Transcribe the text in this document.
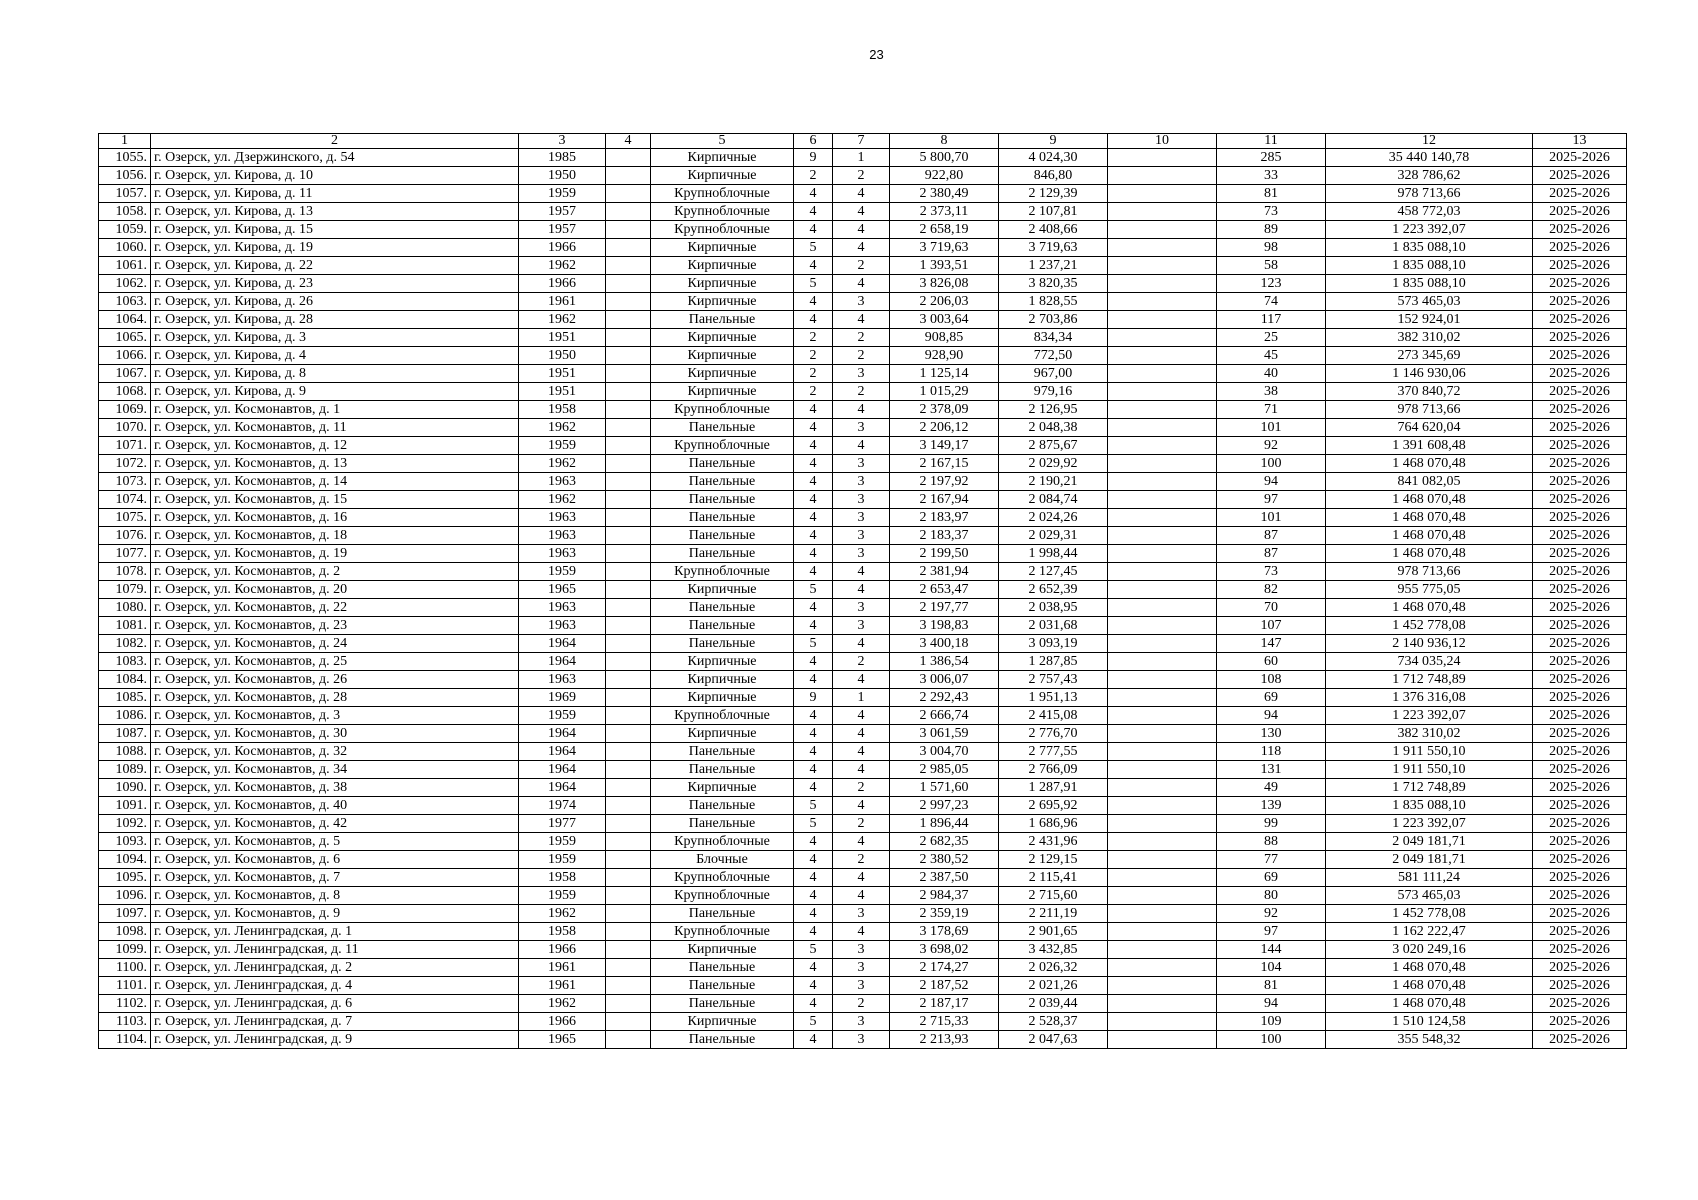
23
1	2	3	4	5	6	7	8	9	10	11	12	13
1055.	г. Озерск, ул. Дзержинского, д. 54	1985		Кирпичные	9	1	5 800,70	4 024,30		285	35 440 140,78	2025-2026
1056.	г. Озерск, ул. Кирова, д. 10	1950		Кирпичные	2	2	922,80	846,80		33	328 786,62	2025-2026
1057.	г. Озерск, ул. Кирова, д. 11	1959		Крупноблочные	4	4	2 380,49	2 129,39		81	978 713,66	2025-2026
1058.	г. Озерск, ул. Кирова, д. 13	1957		Крупноблочные	4	4	2 373,11	2 107,81		73	458 772,03	2025-2026
1059.	г. Озерск, ул. Кирова, д. 15	1957		Крупноблочные	4	4	2 658,19	2 408,66		89	1 223 392,07	2025-2026
1060.	г. Озерск, ул. Кирова, д. 19	1966		Кирпичные	5	4	3 719,63	3 719,63		98	1 835 088,10	2025-2026
1061.	г. Озерск, ул. Кирова, д. 22	1962		Кирпичные	4	2	1 393,51	1 237,21		58	1 835 088,10	2025-2026
1062.	г. Озерск, ул. Кирова, д. 23	1966		Кирпичные	5	4	3 826,08	3 820,35		123	1 835 088,10	2025-2026
1063.	г. Озерск, ул. Кирова, д. 26	1961		Кирпичные	4	3	2 206,03	1 828,55		74	573 465,03	2025-2026
1064.	г. Озерск, ул. Кирова, д. 28	1962		Панельные	4	4	3 003,64	2 703,86		117	152 924,01	2025-2026
1065.	г. Озерск, ул. Кирова, д. 3	1951		Кирпичные	2	2	908,85	834,34		25	382 310,02	2025-2026
1066.	г. Озерск, ул. Кирова, д. 4	1950		Кирпичные	2	2	928,90	772,50		45	273 345,69	2025-2026
1067.	г. Озерск, ул. Кирова, д. 8	1951		Кирпичные	2	3	1 125,14	967,00		40	1 146 930,06	2025-2026
1068.	г. Озерск, ул. Кирова, д. 9	1951		Кирпичные	2	2	1 015,29	979,16		38	370 840,72	2025-2026
1069.	г. Озерск, ул. Космонавтов, д. 1	1958		Крупноблочные	4	4	2 378,09	2 126,95		71	978 713,66	2025-2026
1070.	г. Озерск, ул. Космонавтов, д. 11	1962		Панельные	4	3	2 206,12	2 048,38		101	764 620,04	2025-2026
1071.	г. Озерск, ул. Космонавтов, д. 12	1959		Крупноблочные	4	4	3 149,17	2 875,67		92	1 391 608,48	2025-2026
1072.	г. Озерск, ул. Космонавтов, д. 13	1962		Панельные	4	3	2 167,15	2 029,92		100	1 468 070,48	2025-2026
1073.	г. Озерск, ул. Космонавтов, д. 14	1963		Панельные	4	3	2 197,92	2 190,21		94	841 082,05	2025-2026
1074.	г. Озерск, ул. Космонавтов, д. 15	1962		Панельные	4	3	2 167,94	2 084,74		97	1 468 070,48	2025-2026
1075.	г. Озерск, ул. Космонавтов, д. 16	1963		Панельные	4	3	2 183,97	2 024,26		101	1 468 070,48	2025-2026
1076.	г. Озерск, ул. Космонавтов, д. 18	1963		Панельные	4	3	2 183,37	2 029,31		87	1 468 070,48	2025-2026
1077.	г. Озерск, ул. Космонавтов, д. 19	1963		Панельные	4	3	2 199,50	1 998,44		87	1 468 070,48	2025-2026
1078.	г. Озерск, ул. Космонавтов, д. 2	1959		Крупноблочные	4	4	2 381,94	2 127,45		73	978 713,66	2025-2026
1079.	г. Озерск, ул. Космонавтов, д. 20	1965		Кирпичные	5	4	2 653,47	2 652,39		82	955 775,05	2025-2026
1080.	г. Озерск, ул. Космонавтов, д. 22	1963		Панельные	4	3	2 197,77	2 038,95		70	1 468 070,48	2025-2026
1081.	г. Озерск, ул. Космонавтов, д. 23	1963		Панельные	4	3	3 198,83	2 031,68		107	1 452 778,08	2025-2026
1082.	г. Озерск, ул. Космонавтов, д. 24	1964		Панельные	5	4	3 400,18	3 093,19		147	2 140 936,12	2025-2026
1083.	г. Озерск, ул. Космонавтов, д. 25	1964		Кирпичные	4	2	1 386,54	1 287,85		60	734 035,24	2025-2026
1084.	г. Озерск, ул. Космонавтов, д. 26	1963		Кирпичные	4	4	3 006,07	2 757,43		108	1 712 748,89	2025-2026
1085.	г. Озерск, ул. Космонавтов, д. 28	1969		Кирпичные	9	1	2 292,43	1 951,13		69	1 376 316,08	2025-2026
1086.	г. Озерск, ул. Космонавтов, д. 3	1959		Крупноблочные	4	4	2 666,74	2 415,08		94	1 223 392,07	2025-2026
1087.	г. Озерск, ул. Космонавтов, д. 30	1964		Кирпичные	4	4	3 061,59	2 776,70		130	382 310,02	2025-2026
1088.	г. Озерск, ул. Космонавтов, д. 32	1964		Панельные	4	4	3 004,70	2 777,55		118	1 911 550,10	2025-2026
1089.	г. Озерск, ул. Космонавтов, д. 34	1964		Панельные	4	4	2 985,05	2 766,09		131	1 911 550,10	2025-2026
1090.	г. Озерск, ул. Космонавтов, д. 38	1964		Кирпичные	4	2	1 571,60	1 287,91		49	1 712 748,89	2025-2026
1091.	г. Озерск, ул. Космонавтов, д. 40	1974		Панельные	5	4	2 997,23	2 695,92		139	1 835 088,10	2025-2026
1092.	г. Озерск, ул. Космонавтов, д. 42	1977		Панельные	5	2	1 896,44	1 686,96		99	1 223 392,07	2025-2026
1093.	г. Озерск, ул. Космонавтов, д. 5	1959		Крупноблочные	4	4	2 682,35	2 431,96		88	2 049 181,71	2025-2026
1094.	г. Озерск, ул. Космонавтов, д. 6	1959		Блочные	4	2	2 380,52	2 129,15		77	2 049 181,71	2025-2026
1095.	г. Озерск, ул. Космонавтов, д. 7	1958		Крупноблочные	4	4	2 387,50	2 115,41		69	581 111,24	2025-2026
1096.	г. Озерск, ул. Космонавтов, д. 8	1959		Крупноблочные	4	4	2 984,37	2 715,60		80	573 465,03	2025-2026
1097.	г. Озерск, ул. Космонавтов, д. 9	1962		Панельные	4	3	2 359,19	2 211,19		92	1 452 778,08	2025-2026
1098.	г. Озерск, ул. Ленинградская, д. 1	1958		Крупноблочные	4	4	3 178,69	2 901,65		97	1 162 222,47	2025-2026
1099.	г. Озерск, ул. Ленинградская, д. 11	1966		Кирпичные	5	3	3 698,02	3 432,85		144	3 020 249,16	2025-2026
1100.	г. Озерск, ул. Ленинградская, д. 2	1961		Панельные	4	3	2 174,27	2 026,32		104	1 468 070,48	2025-2026
1101.	г. Озерск, ул. Ленинградская, д. 4	1961		Панельные	4	3	2 187,52	2 021,26		81	1 468 070,48	2025-2026
1102.	г. Озерск, ул. Ленинградская, д. 6	1962		Панельные	4	2	2 187,17	2 039,44		94	1 468 070,48	2025-2026
1103.	г. Озерск, ул. Ленинградская, д. 7	1966		Кирпичные	5	3	2 715,33	2 528,37		109	1 510 124,58	2025-2026
1104.	г. Озерск, ул. Ленинградская, д. 9	1965		Панельные	4	3	2 213,93	2 047,63		100	355 548,32	2025-2026
